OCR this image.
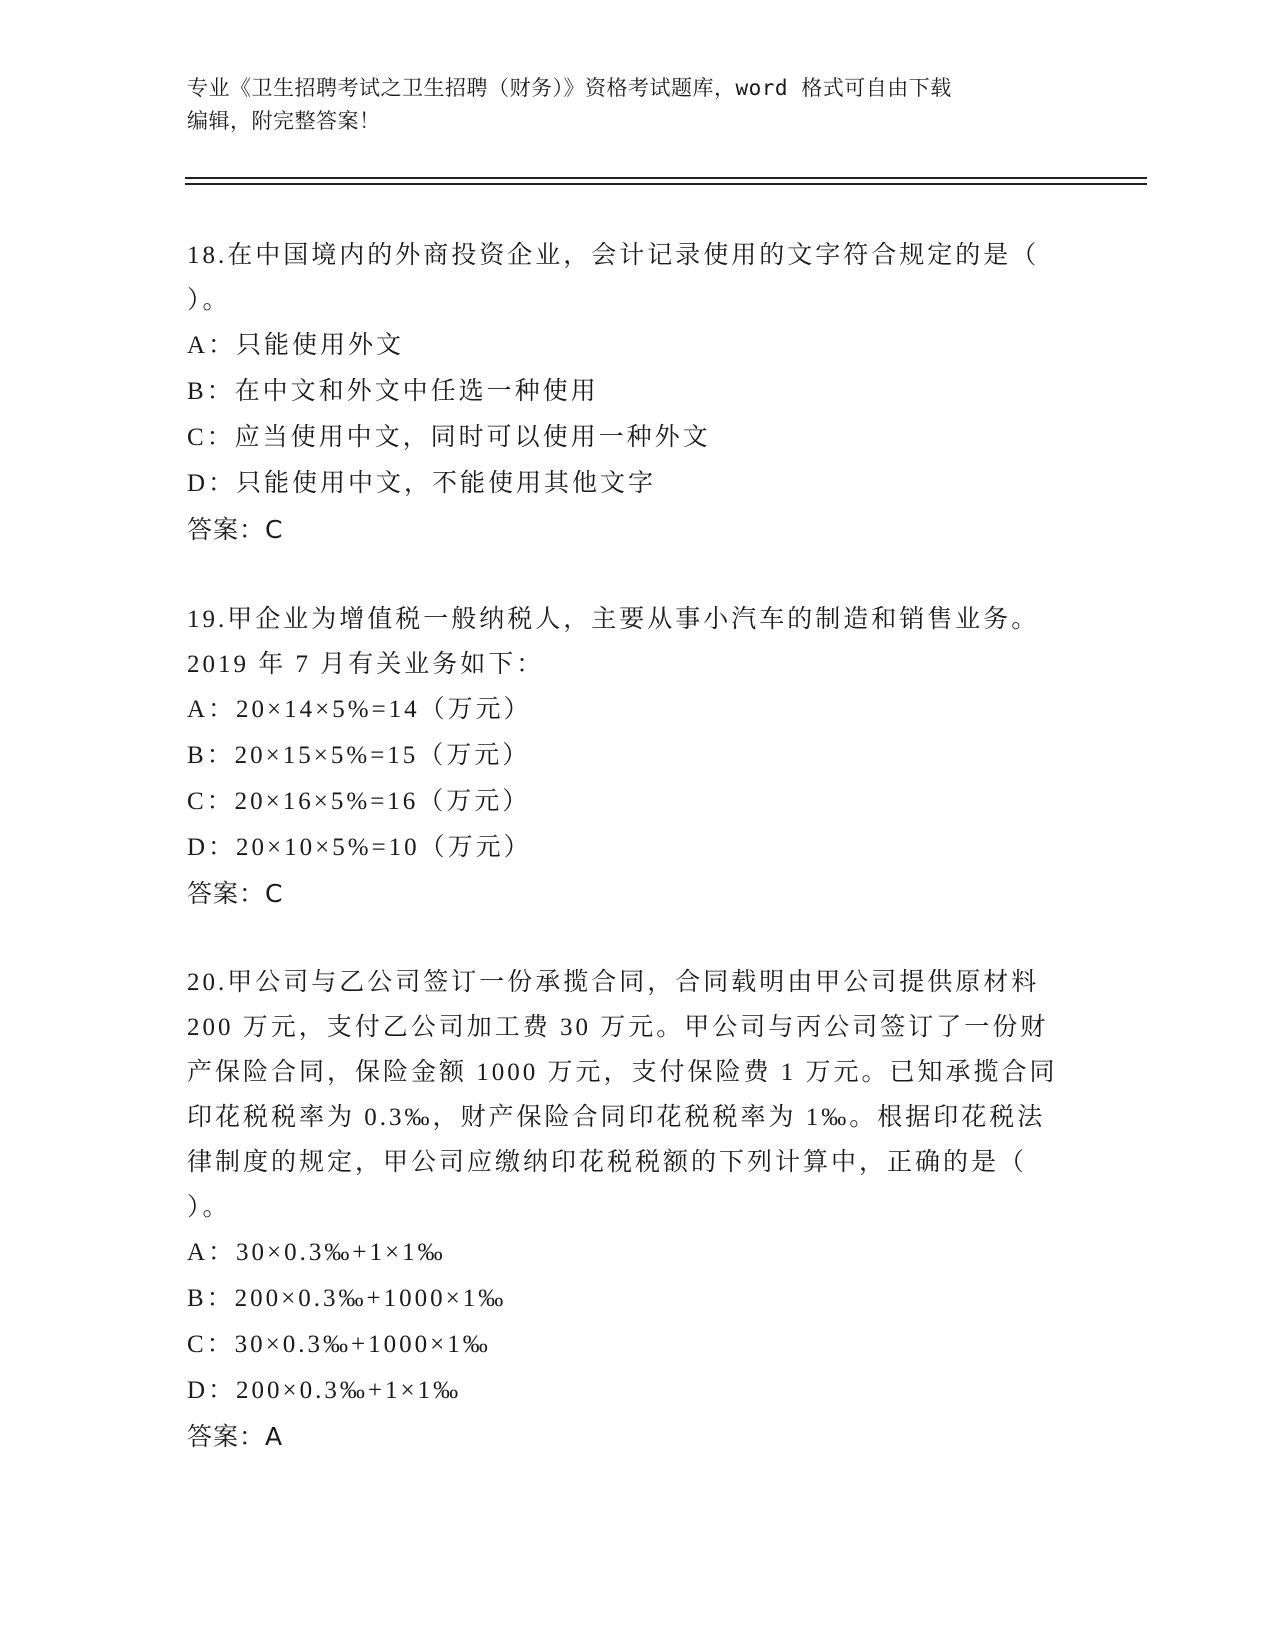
专业《卫生招聘考试之卫生招聘（财务）》资格考试题库，word 格式可自由下载
编辑，附完整答案！
18.在中国境内的外商投资企业，会计记录使用的文字符合规定的是（
）。
A：只能使用外文
B：在中文和外文中任选一种使用
C：应当使用中文，同时可以使用一种外文
D：只能使用中文，不能使用其他文字
答案：C
19.甲企业为增值税一般纳税人，主要从事小汽车的制造和销售业务。
2019 年 7 月有关业务如下：
A：20×14×5%=14（万元）
B：20×15×5%=15（万元）
C：20×16×5%=16（万元）
D：20×10×5%=10（万元）
答案：C
20.甲公司与乙公司签订一份承揽合同，合同载明由甲公司提供原材料
200 万元，支付乙公司加工费 30 万元。甲公司与丙公司签订了一份财
产保险合同，保险金额 1000 万元，支付保险费 1 万元。已知承揽合同
印花税税率为 0.3‰，财产保险合同印花税税率为 1‰。根据印花税法
律制度的规定，甲公司应缴纳印花税税额的下列计算中，正确的是（
）。
A：30×0.3‰+1×1‰
B：200×0.3‰+1000×1‰
C：30×0.3‰+1000×1‰
D：200×0.3‰+1×1‰
答案：A
